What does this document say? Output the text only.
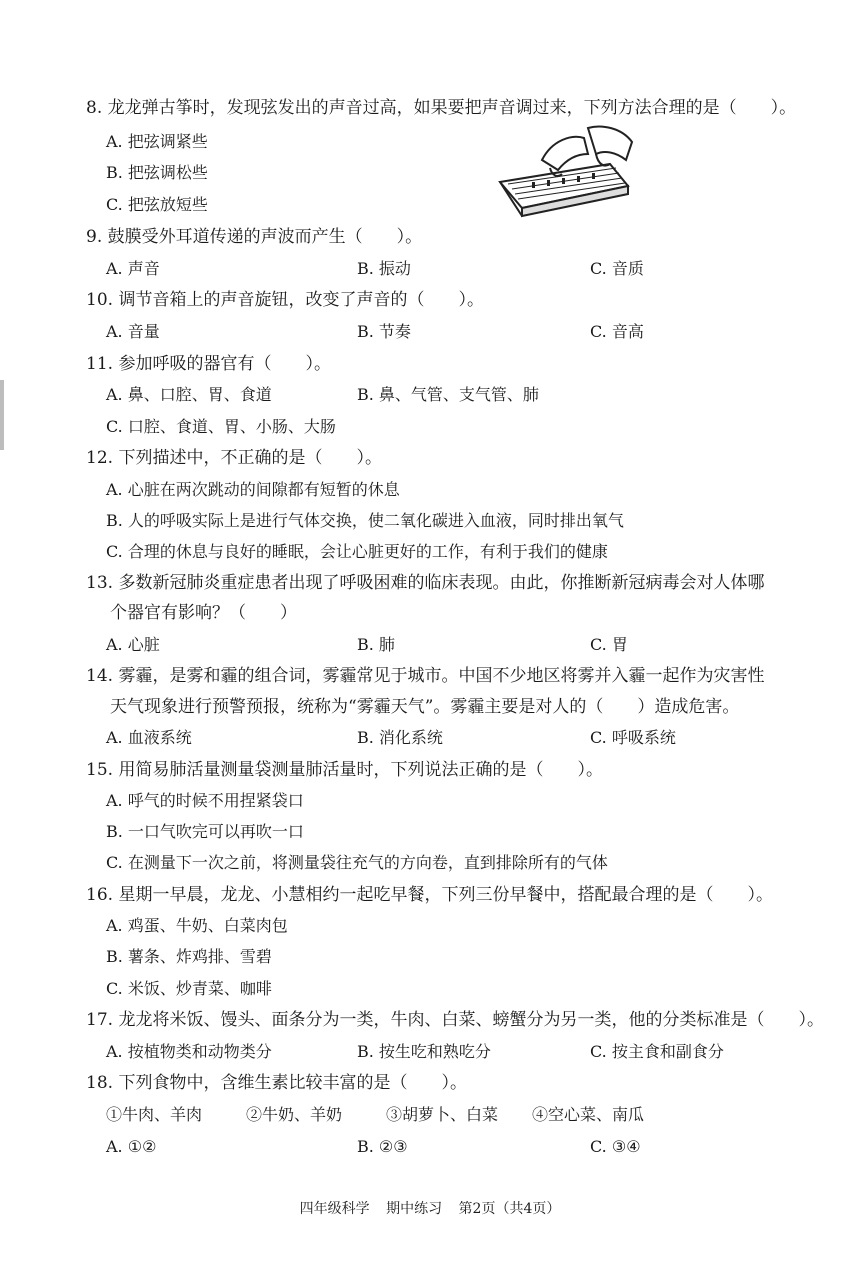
8. 龙龙弹古筝时，发现弦发出的声音过高，如果要把声音调过来，下列方法合理的是（　　）。
A. 把弦调紧些
B. 把弦调松些
C. 把弦放短些
9. 鼓膜受外耳道传递的声波而产生（　　）。
A. 声音	B. 振动	C. 音质
10. 调节音箱上的声音旋钮，改变了声音的（　　）。
A. 音量	B. 节奏	C. 音高
11. 参加呼吸的器官有（　　）。
A. 鼻、口腔、胃、食道	B. 鼻、气管、支气管、肺
C. 口腔、食道、胃、小肠、大肠
12. 下列描述中，不正确的是（　　）。
A. 心脏在两次跳动的间隙都有短暂的休息
B. 人的呼吸实际上是进行气体交换，使二氧化碳进入血液，同时排出氧气
C. 合理的休息与良好的睡眠，会让心脏更好的工作，有利于我们的健康
13. 多数新冠肺炎重症患者出现了呼吸困难的临床表现。由此，你推断新冠病毒会对人体哪
个器官有影响？（　　）
A. 心脏	B. 肺	C. 胃
14. 雾霾，是雾和霾的组合词，雾霾常见于城市。中国不少地区将雾并入霾一起作为灾害性
天气现象进行预警预报，统称为“雾霾天气”。雾霾主要是对人的（　　）造成危害。
A. 血液系统	B. 消化系统	C. 呼吸系统
15. 用简易肺活量测量袋测量肺活量时，下列说法正确的是（　　）。
A. 呼气的时候不用捏紧袋口
B. 一口气吹完可以再吹一口
C. 在测量下一次之前，将测量袋往充气的方向卷，直到排除所有的气体
16. 星期一早晨，龙龙、小慧相约一起吃早餐，下列三份早餐中，搭配最合理的是（　　）。
A. 鸡蛋、牛奶、白菜肉包
B. 薯条、炸鸡排、雪碧
C. 米饭、炒青菜、咖啡
17. 龙龙将米饭、馒头、面条分为一类，牛肉、白菜、螃蟹分为另一类，他的分类标准是（　　）。
A. 按植物类和动物类分	B. 按生吃和熟吃分	C. 按主食和副食分
18. 下列食物中，含维生素比较丰富的是（　　）。
①牛肉、羊肉	②牛奶、羊奶	③胡萝卜、白菜 ④空心菜、南瓜
A. ①②	B. ②③	C. ③④
四年级科学 期中练习 第2页（共4页）
